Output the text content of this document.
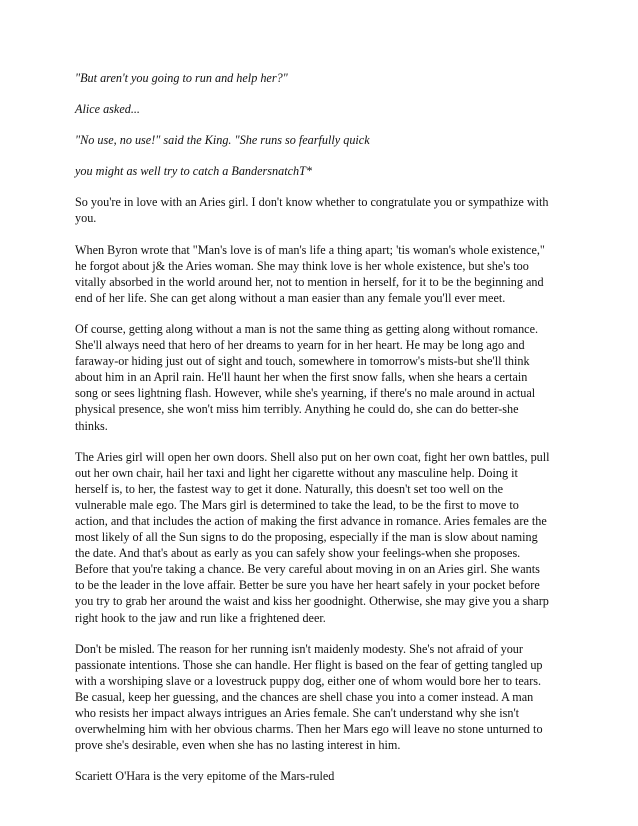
"But aren't you going to run and help her?"
Alice asked...
"No use, no use!" said the King. "She runs so fearfully quick
you might as well try to catch a BandersnatchT*
So you're in love with an Aries girl. I don't know whether to congratulate you or sympathize with
you.
When Byron wrote that "Man's love is of man's life a thing apart; 'tis woman's whole existence,"
he forgot about j& the Aries woman. She may think love is her whole existence, but she's too
vitally absorbed in the world around her, not to mention in herself, for it to be the beginning and
end of her life. She can get along without a man easier than any female you'll ever meet.
Of course, getting along without a man is not the same thing as getting along without romance.
She'll always need that hero of her dreams to yearn for in her heart. He may be long ago and
faraway-or hiding just out of sight and touch, somewhere in tomorrow's mists-but she'll think
about him in an April rain. He'll haunt her when the first snow falls, when she hears a certain
song or sees lightning flash. However, while she's yearning, if there's no male around in actual
physical presence, she won't miss him terribly. Anything he could do, she can do better-she
thinks.
The Aries girl will open her own doors. Shell also put on her own coat, fight her own battles, pull
out her own chair, hail her taxi and light her cigarette without any masculine help. Doing it
herself is, to her, the fastest way to get it done. Naturally, this doesn't set too well on the
vulnerable male ego. The Mars girl is determined to take the lead, to be the first to move to
action, and that includes the action of making the first advance in romance. Aries females are the
most likely of all the Sun signs to do the proposing, especially if the man is slow about naming
the date. And that's about as early as you can safely show your feelings-when she proposes.
Before that you're taking a chance. Be very careful about moving in on an Aries girl. She wants
to be the leader in the love affair. Better be sure you have her heart safely in your pocket before
you try to grab her around the waist and kiss her goodnight. Otherwise, she may give you a sharp
right hook to the jaw and run like a frightened deer.
Don't be misled. The reason for her running isn't maidenly modesty. She's not afraid of your
passionate intentions. Those she can handle. Her flight is based on the fear of getting tangled up
with a worshiping slave or a lovestruck puppy dog, either one of whom would bore her to tears.
Be casual, keep her guessing, and the chances are shell chase you into a comer instead. A man
who resists her impact always intrigues an Aries female. She can't understand why she isn't
overwhelming him with her obvious charms. Then her Mars ego will leave no stone unturned to
prove she's desirable, even when she has no lasting interest in him.
Scariett O'Hara is the very epitome of the Mars-ruled
